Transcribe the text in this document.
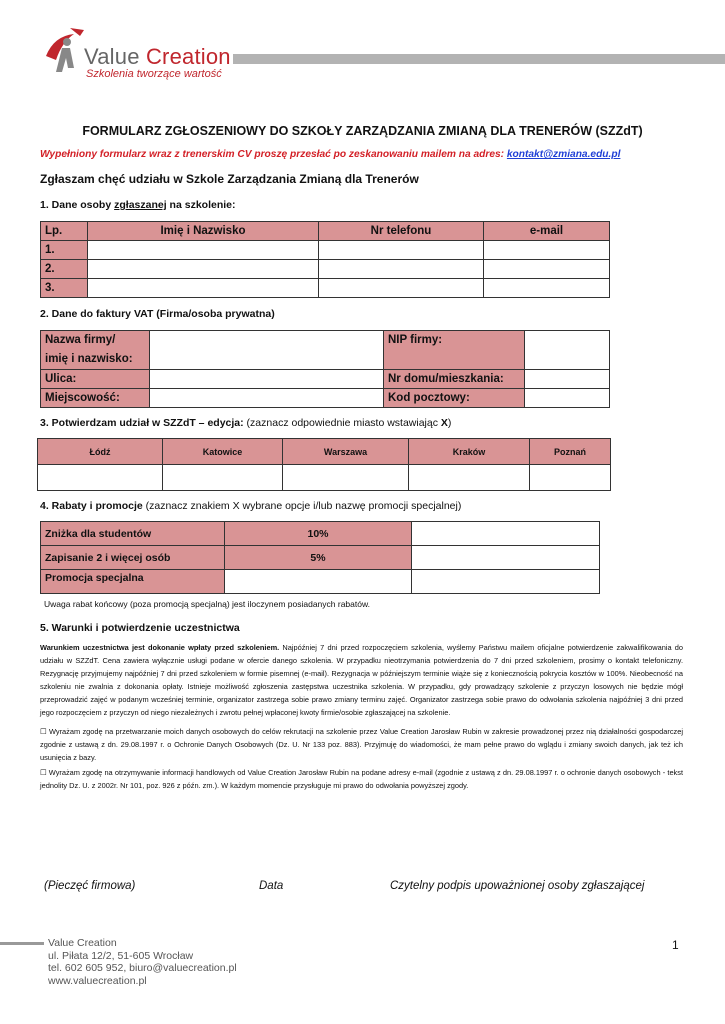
Value Creation
Szkolenia tworzące wartość
FORMULARZ ZGŁOSZENIOWY DO SZKOŁY ZARZĄDZANIA ZMIANĄ DLA TRENERÓW (SZZdT)
Wypełniony formularz wraz z trenerskim CV proszę przesłać po zeskanowaniu mailem na adres: kontakt@zmiana.edu.pl
Zgłaszam chęć udziału w Szkole Zarządzania Zmianą dla Trenerów
1. Dane osoby zgłaszanej na szkolenie:
Lp.	Imię i Nazwisko	Nr telefonu	e-mail
1.			
2.			
3.			
2. Dane do faktury VAT (Firma/osoba prywatna)
Nazwa firmy/
imię i nazwisko:		NIP firmy:	
Ulica:		Nr domu/mieszkania:	
Miejscowość:		Kod pocztowy:	
3. Potwierdzam udział w SZZdT – edycja: (zaznacz odpowiednie miasto wstawiając X)
Łódź	Katowice	Warszawa	Kraków	Poznań

4. Rabaty i promocje (zaznacz znakiem X wybrane opcje i/lub nazwę promocji specjalnej)
Zniżka dla studentów	10%	
Zapisanie 2 i więcej osób	5%	
Promocja specjalna		
Uwaga rabat końcowy (poza promocją specjalną) jest iloczynem posiadanych rabatów.
5. Warunki i potwierdzenie uczestnictwa
Warunkiem uczestnictwa jest dokonanie wpłaty przed szkoleniem. Najpóźniej 7 dni przed rozpoczęciem szkolenia, wyślemy Państwu mailem oficjalne potwierdzenie zakwalifikowania do udziału w SZZdT. Cena zawiera wyłącznie usługi podane w ofercie danego szkolenia. W przypadku nieotrzymania potwierdzenia do 7 dni przed szkoleniem, prosimy o kontakt telefoniczny. Rezygnację przyjmujemy najpóźniej 7 dni przed szkoleniem w formie pisemnej (e-mail). Rezygnacja w późniejszym terminie wiąże się z koniecznością pokrycia kosztów w 100%. Nieobecność na szkoleniu nie zwalnia z dokonania opłaty. Istnieje możliwość zgłoszenia zastępstwa uczestnika szkolenia. W przypadku, gdy prowadzący szkolenie z przyczyn losowych nie będzie mógł przeprowadzić zajęć w podanym wcześniej terminie, organizator zastrzega sobie prawo zmiany terminu zajęć. Organizator zastrzega sobie prawo do odwołania szkolenia najpóźniej 3 dni przed jego rozpoczęciem z przyczyn od niego niezależnych i zwrotu pełnej wpłaconej kwoty firmie/osobie zgłaszającej na szkolenie.
☐ Wyrażam zgodę na przetwarzanie moich danych osobowych do celów rekrutacji na szkolenie przez Value Creation Jarosław Rubin w zakresie prowadzonej przez nią działalności gospodarczej zgodnie z ustawą z dn. 29.08.1997 r. o Ochronie Danych Osobowych (Dz. U. Nr 133 poz. 883). Przyjmuję do wiadomości, że mam pełne prawo do wglądu i zmiany swoich danych, jak też ich usunięcia z bazy.
☐ Wyrażam zgodę na otrzymywanie informacji handlowych od Value Creation Jarosław Rubin na podane adresy e-mail (zgodnie z ustawą z dn. 29.08.1997 r. o ochronie danych osobowych - tekst jednolity Dz. U. z 2002r. Nr 101, poz. 926 z późn. zm.). W każdym momencie przysługuje mi prawo do odwołania powyższej zgody.
(Pieczęć firmowa)	Data	Czytelny podpis upoważnionej osoby zgłaszającej
Value Creation
ul. Piłata 12/2, 51-605 Wrocław
tel. 602 605 952, biuro@valuecreation.pl
www.valuecreation.pl
1
